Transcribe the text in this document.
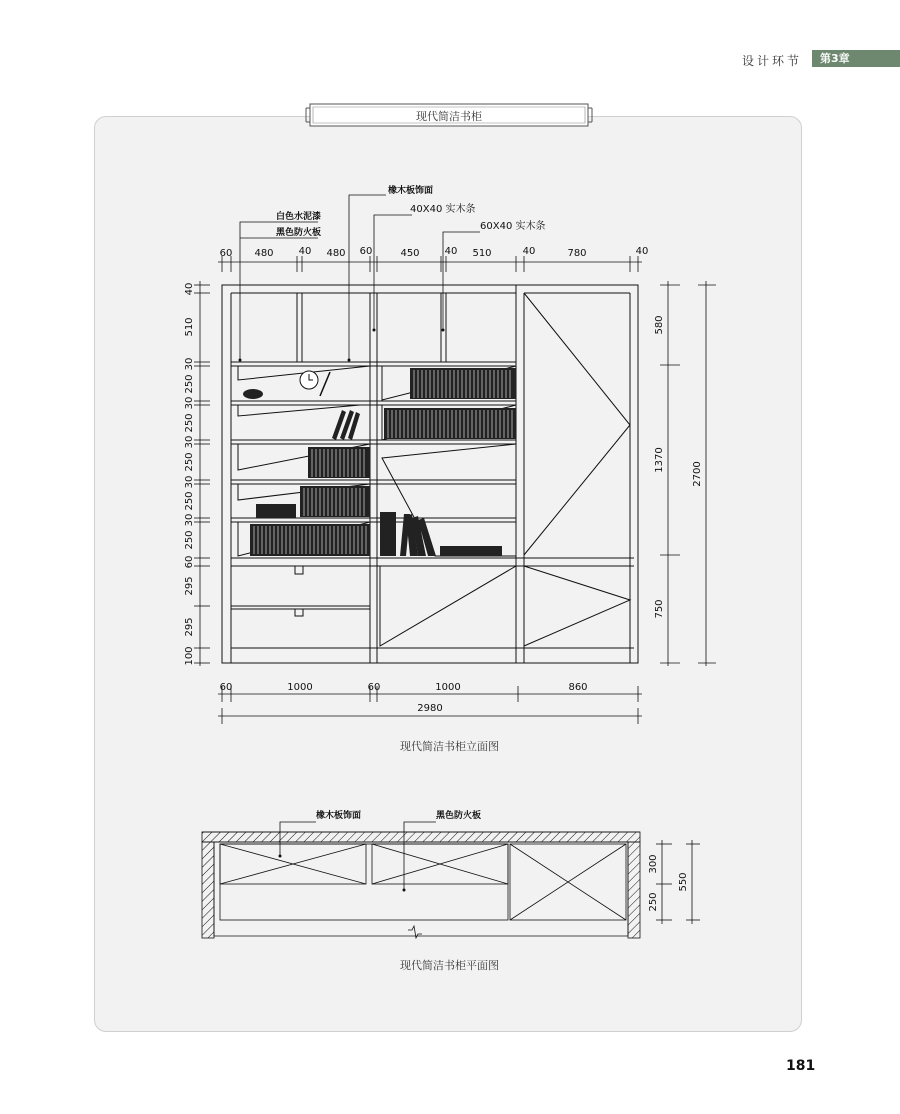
设计环节	第3章
现代简洁书柜
橡木板饰面
40X40 实木条
60X40 实木条
白色水泥漆
黑色防火板
60 480	40 480 60	450	40 510	40	780	40
40
510
30
250
30
250
30
250
30
250
30
250
60
295
295
100
580
1370
750
2700
60	1000	60	1000	860
2980
橡木板饰面	黑色防火板
300
250
550
现代简洁书柜立面图
现代简洁书柜平面图
181
